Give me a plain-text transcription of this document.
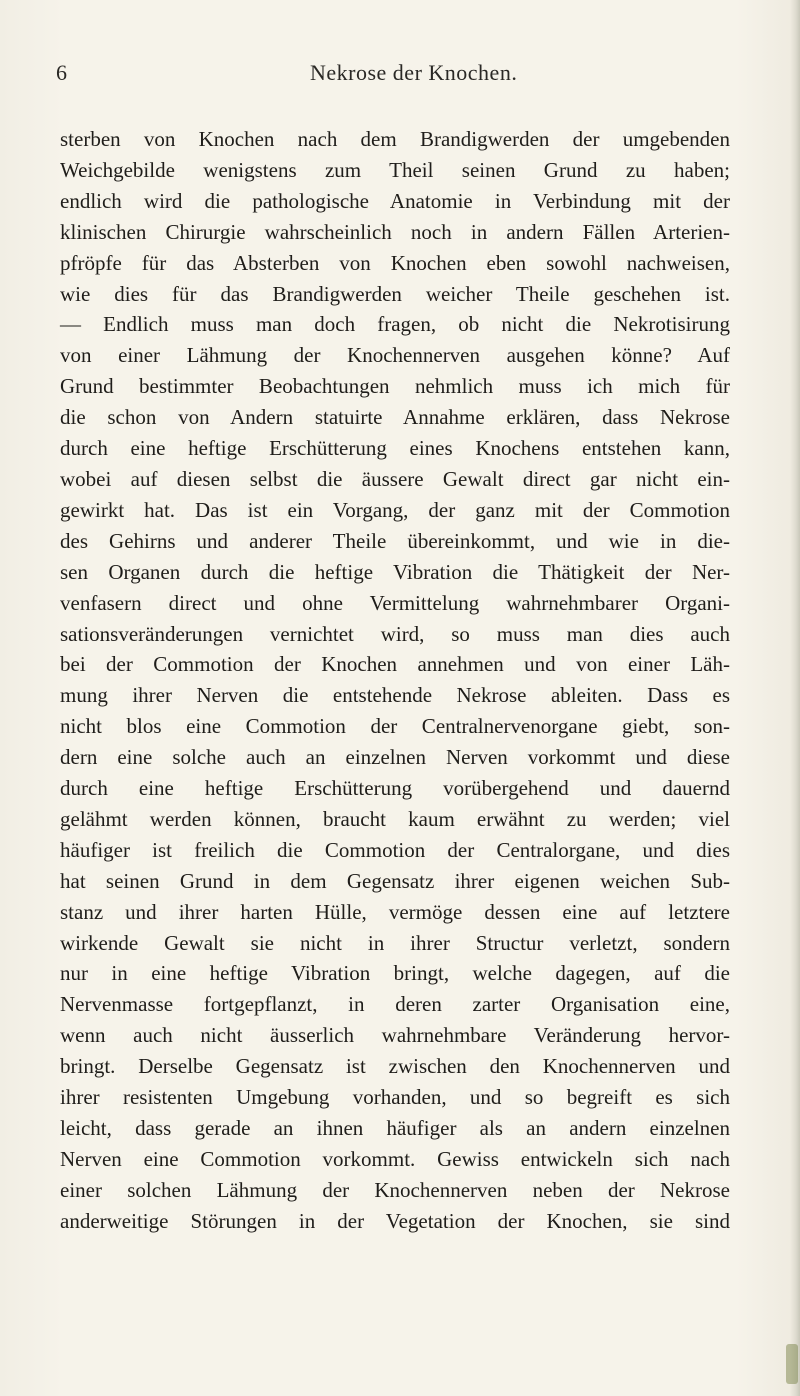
6	Nekrose der Knochen.
sterben von Knochen nach dem Brandigwerden der umgebenden
Weichgebilde wenigstens zum Theil seinen Grund zu haben;
endlich wird die pathologische Anatomie in Verbindung mit der
klinischen Chirurgie wahrscheinlich noch in andern Fällen Arterien-
pfröpfe für das Absterben von Knochen eben sowohl nachweisen,
wie dies für das Brandigwerden weicher Theile geschehen ist.
— Endlich muss man doch fragen, ob nicht die Nekrotisirung
von einer Lähmung der Knochennerven ausgehen könne? Auf
Grund bestimmter Beobachtungen nehmlich muss ich mich für
die schon von Andern statuirte Annahme erklären, dass Nekrose
durch eine heftige Erschütterung eines Knochens entstehen kann,
wobei auf diesen selbst die äussere Gewalt direct gar nicht ein-
gewirkt hat. Das ist ein Vorgang, der ganz mit der Commotion
des Gehirns und anderer Theile übereinkommt, und wie in die-
sen Organen durch die heftige Vibration die Thätigkeit der Ner-
venfasern direct und ohne Vermittelung wahrnehmbarer Organi-
sationsveränderungen vernichtet wird, so muss man dies auch
bei der Commotion der Knochen annehmen und von einer Läh-
mung ihrer Nerven die entstehende Nekrose ableiten. Dass es
nicht blos eine Commotion der Centralnervenorgane giebt, son-
dern eine solche auch an einzelnen Nerven vorkommt und diese
durch eine heftige Erschütterung vorübergehend und dauernd
gelähmt werden können, braucht kaum erwähnt zu werden; viel
häufiger ist freilich die Commotion der Centralorgane, und dies
hat seinen Grund in dem Gegensatz ihrer eigenen weichen Sub-
stanz und ihrer harten Hülle, vermöge dessen eine auf letztere
wirkende Gewalt sie nicht in ihrer Structur verletzt, sondern
nur in eine heftige Vibration bringt, welche dagegen, auf die
Nervenmasse fortgepflanzt, in deren zarter Organisation eine,
wenn auch nicht äusserlich wahrnehmbare Veränderung hervor-
bringt. Derselbe Gegensatz ist zwischen den Knochennerven und
ihrer resistenten Umgebung vorhanden, und so begreift es sich
leicht, dass gerade an ihnen häufiger als an andern einzelnen
Nerven eine Commotion vorkommt. Gewiss entwickeln sich nach
einer solchen Lähmung der Knochennerven neben der Nekrose
anderweitige Störungen in der Vegetation der Knochen, sie sind
